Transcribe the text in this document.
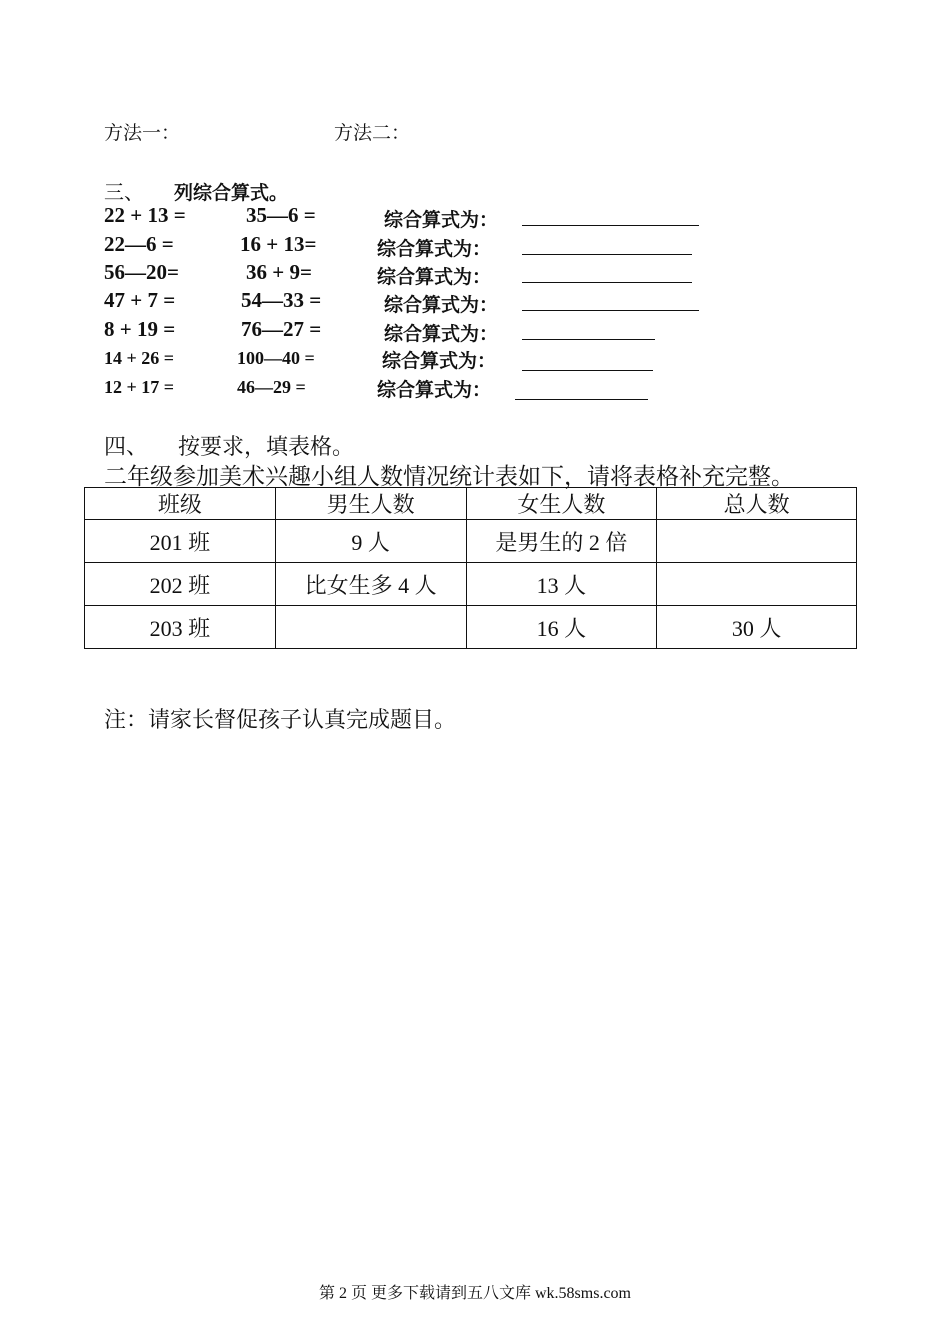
方法一：	方法二：
三、 列综合算式。
22 + 13 =	35—6 =	综合算式为：
22—6 =	16 + 13=	综合算式为：
56—20=	36 + 9=	综合算式为：
47 + 7 =	54—33 =	综合算式为：
8 + 19 =	76—27 =	综合算式为：
14 + 26 =	100—40 =	综合算式为：
12 + 17 =	46—29 =	综合算式为：
四、 按要求，填表格。
二年级参加美术兴趣小组人数情况统计表如下，请将表格补充完整。
班级	男生人数	女生人数	总人数
201 班	9 人	是男生的 2 倍	
202 班	比女生多 4 人	13 人	
203 班		16 人	30 人
注：请家长督促孩子认真完成题目。
第 2 页 更多下载请到五八文库 wk.58sms.com
